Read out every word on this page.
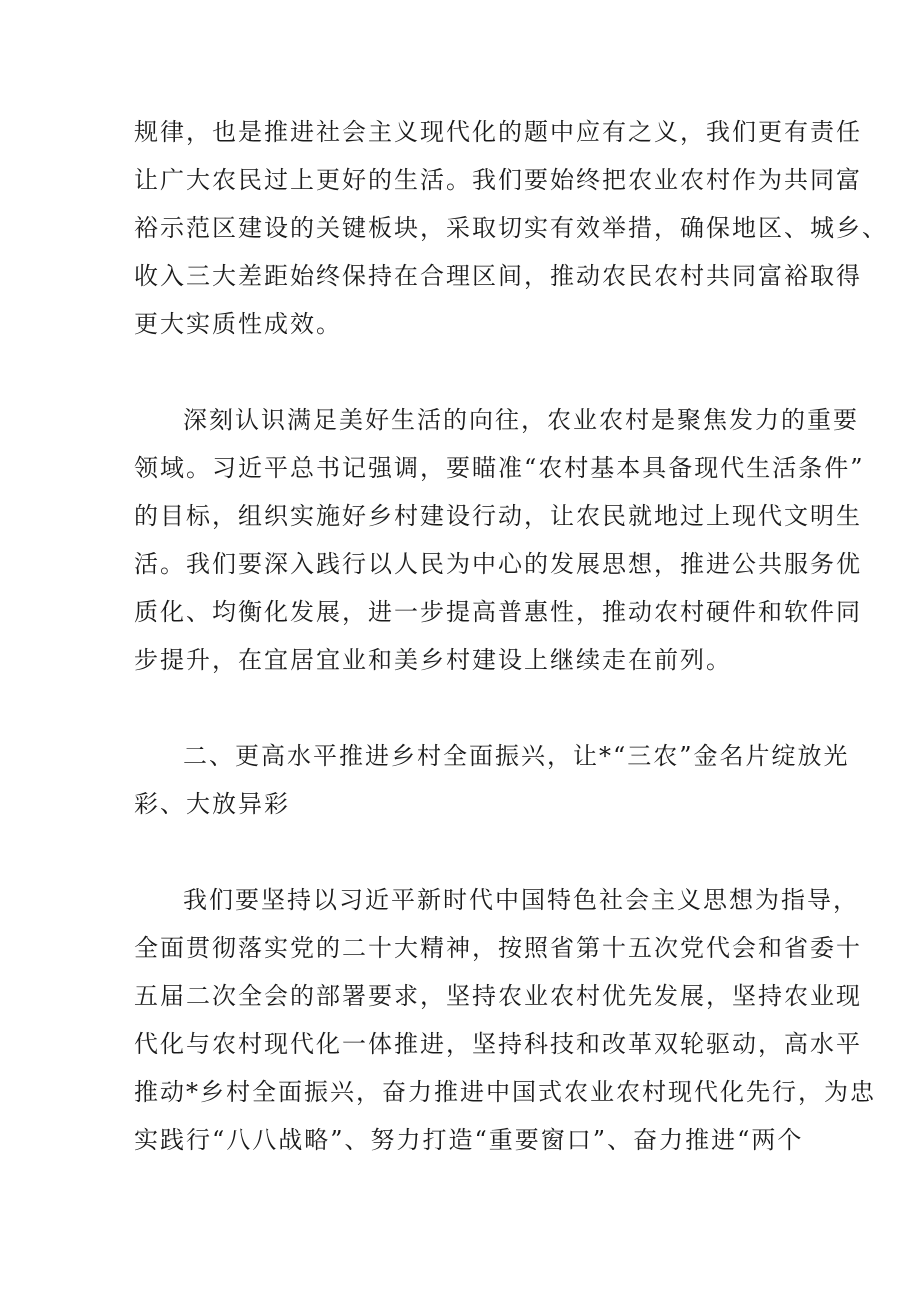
规律，也是推进社会主义现代化的题中应有之义，我们更有责任
让广大农民过上更好的生活。我们要始终把农业农村作为共同富
裕示范区建设的关键板块，采取切实有效举措，确保地区、城乡、
收入三大差距始终保持在合理区间，推动农民农村共同富裕取得
更大实质性成效。
深刻认识满足美好生活的向往，农业农村是聚焦发力的重要
领域。习近平总书记强调，要瞄准“农村基本具备现代生活条件”
的目标，组织实施好乡村建设行动，让农民就地过上现代文明生
活。我们要深入践行以人民为中心的发展思想，推进公共服务优
质化、均衡化发展，进一步提高普惠性，推动农村硬件和软件同
步提升，在宜居宜业和美乡村建设上继续走在前列。
二、更高水平推进乡村全面振兴，让*“三农”金名片绽放光
彩、大放异彩
我们要坚持以习近平新时代中国特色社会主义思想为指导，
全面贯彻落实党的二十大精神，按照省第十五次党代会和省委十
五届二次全会的部署要求，坚持农业农村优先发展，坚持农业现
代化与农村现代化一体推进，坚持科技和改革双轮驱动，高水平
推动*乡村全面振兴，奋力推进中国式农业农村现代化先行，为忠
实践行“八八战略”、努力打造“重要窗口”、奋力推进“两个
